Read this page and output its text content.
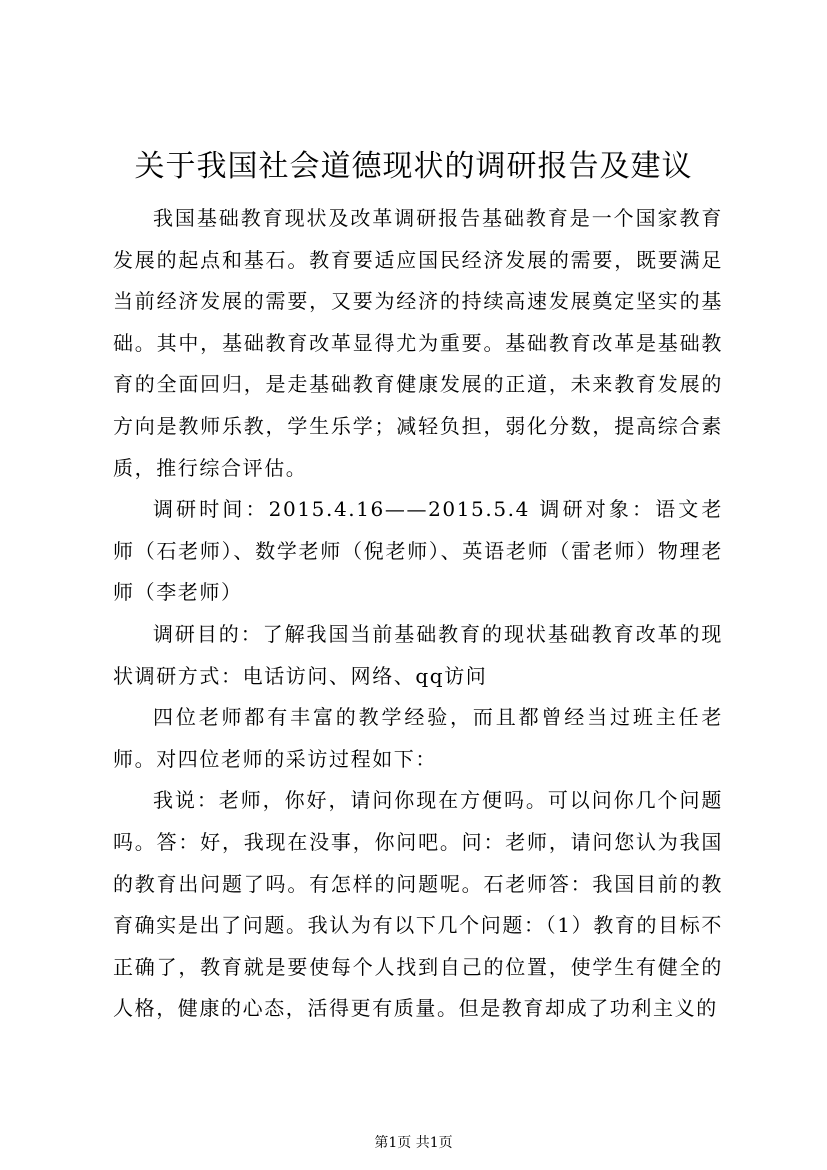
关于我国社会道德现状的调研报告及建议

我国基础教育现状及改革调研报告基础教育是一个国家教育发展的起点和基石。教育要适应国民经济发展的需要，既要满足当前经济发展的需要，又要为经济的持续高速发展奠定坚实的基础。其中，基础教育改革显得尤为重要。基础教育改革是基础教育的全面回归，是走基础教育健康发展的正道，未来教育发展的方向是教师乐教，学生乐学；减轻负担，弱化分数，提高综合素质，推行综合评估。

调研时间：2015.4.16——2015.5.4 调研对象：语文老师（石老师）、数学老师（倪老师）、英语老师（雷老师）物理老师（李老师）

调研目的：了解我国当前基础教育的现状基础教育改革的现状调研方式：电话访问、网络、qq访问

四位老师都有丰富的教学经验，而且都曾经当过班主任老师。对四位老师的采访过程如下：

我说：老师，你好，请问你现在方便吗。可以问你几个问题吗。答：好，我现在没事，你问吧。问：老师，请问您认为我国的教育出问题了吗。有怎样的问题呢。石老师答：我国目前的教育确实是出了问题。我认为有以下几个问题：（1）教育的目标不正确了，教育就是要使每个人找到自己的位置，使学生有健全的人格，健康的心态，活得更有质量。但是教育却成了功利主义的

第1页 共1页
